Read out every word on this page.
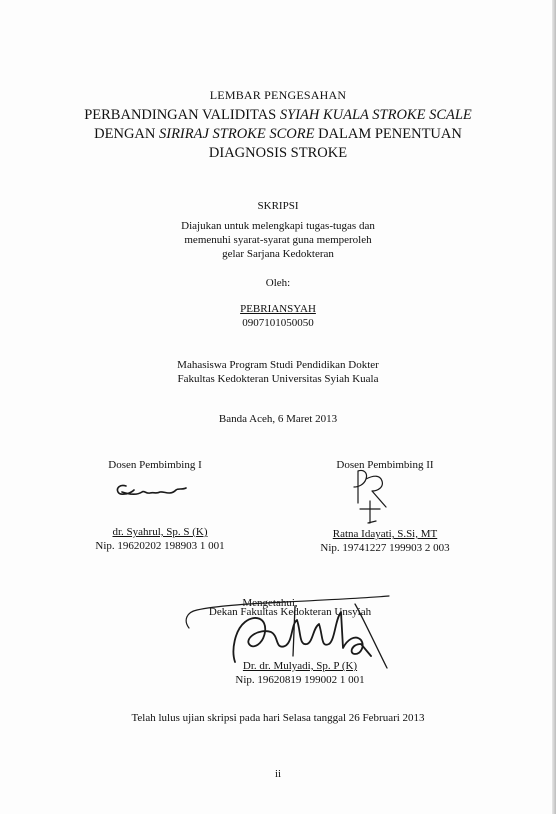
LEMBAR PENGESAHAN
PERBANDINGAN VALIDITAS SYIAH KUALA STROKE SCALE
DENGAN SIRIRAJ STROKE SCORE DALAM PENENTUAN
DIAGNOSIS STROKE
SKRIPSI
Diajukan untuk melengkapi tugas-tugas dan
memenuhi syarat-syarat guna memperoleh
gelar Sarjana Kedokteran
Oleh:
PEBRIANSYAH
0907101050050
Mahasiswa Program Studi Pendidikan Dokter
Fakultas Kedokteran Universitas Syiah Kuala
Banda Aceh, 6 Maret 2013
Dosen Pembimbing I	Dosen Pembimbing II
dr. Syahrul, Sp. S (K)
Nip. 19620202 198903 1 001
Ratna Idayati, S.Si, MT
Nip. 19741227 199903 2 003
Mengetahui,
Dekan Fakultas Kedokteran Unsyiah
Dr. dr. Mulyadi, Sp. P (K)
Nip. 19620819 199002 1 001
Telah lulus ujian skripsi pada hari Selasa tanggal 26 Februari 2013
ii
